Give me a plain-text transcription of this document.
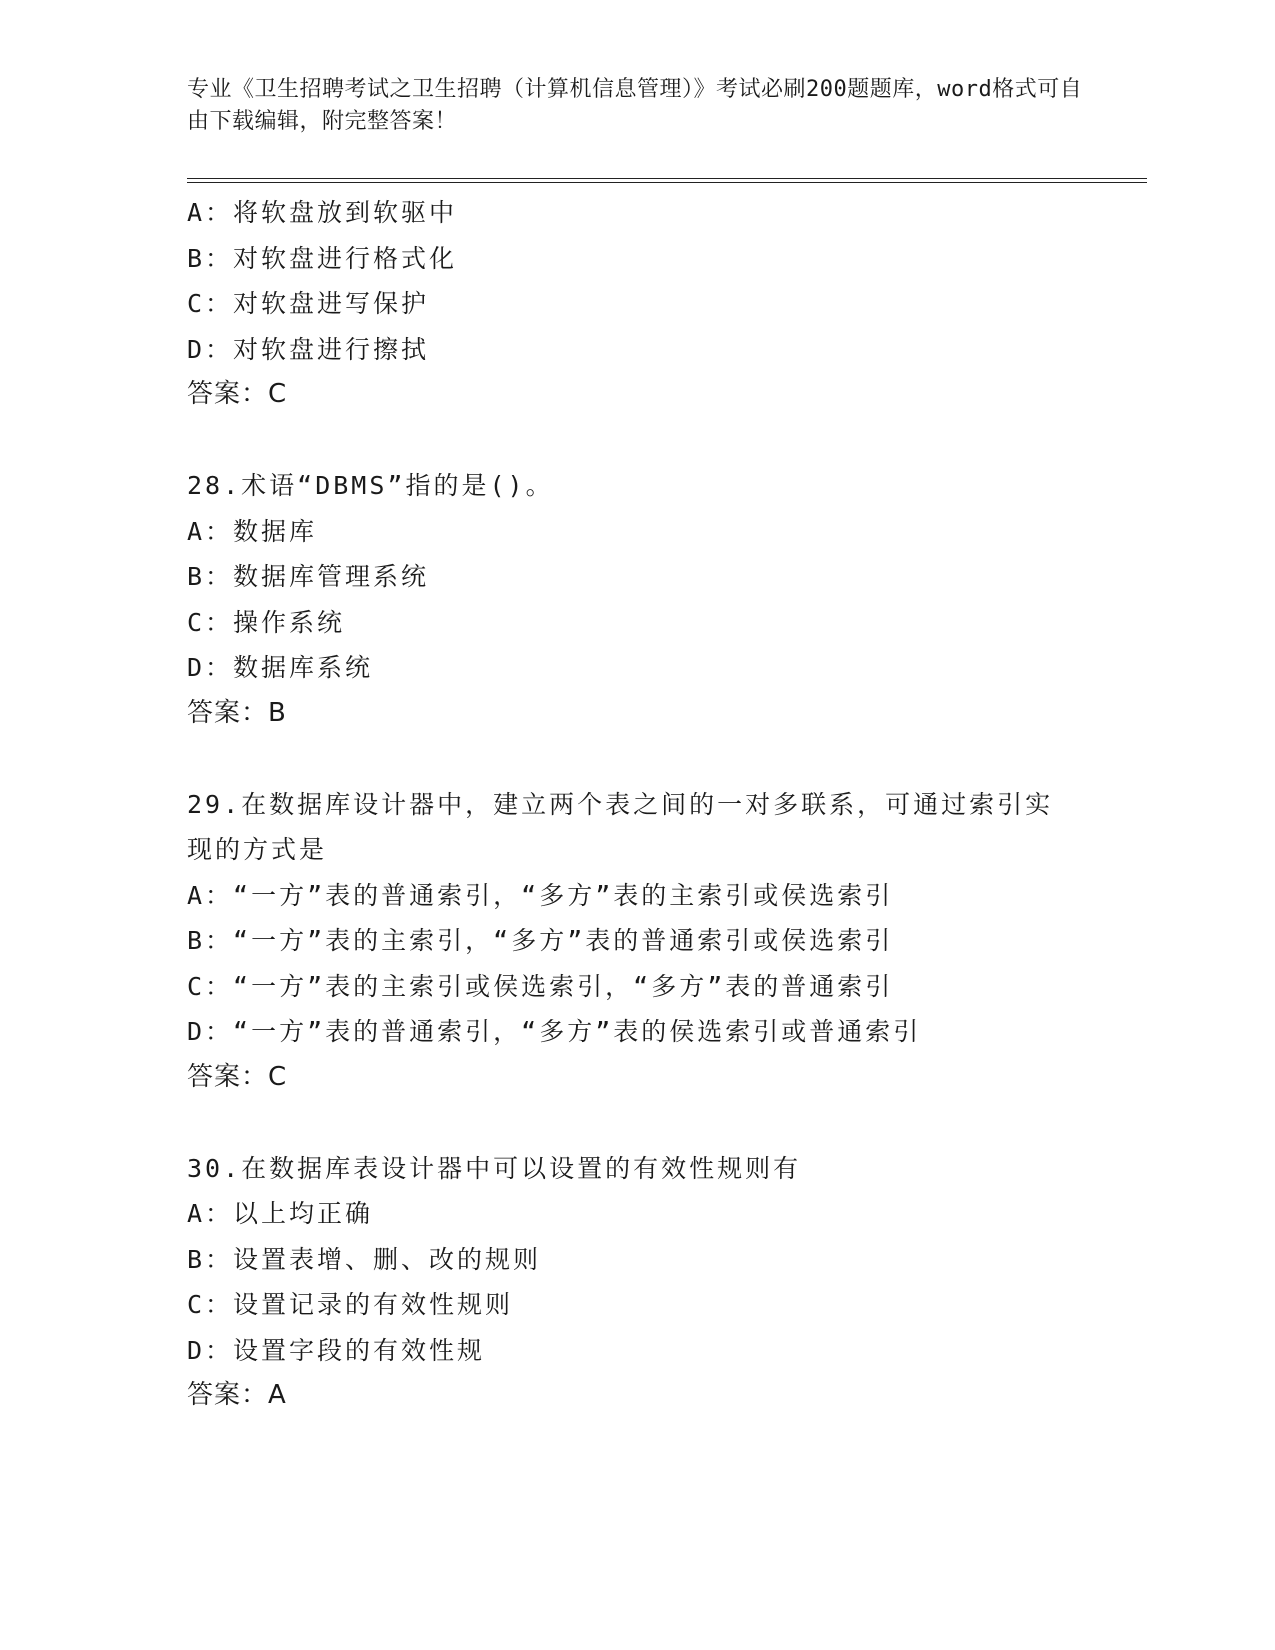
专业《卫生招聘考试之卫生招聘（计算机信息管理）》考试必刷200题题库，word格式可自由下载编辑，附完整答案！
A：将软盘放到软驱中
B：对软盘进行格式化
C：对软盘进写保护
D：对软盘进行擦拭
答案：C
28.术语“DBMS”指的是()。
A：数据库
B：数据库管理系统
C：操作系统
D：数据库系统
答案：B
29.在数据库设计器中，建立两个表之间的一对多联系，可通过索引实现的方式是
A：“一方”表的普通索引，“多方”表的主索引或侯选索引
B：“一方”表的主索引，“多方”表的普通索引或侯选索引
C：“一方”表的主索引或侯选索引，“多方”表的普通索引
D：“一方”表的普通索引，“多方”表的侯选索引或普通索引
答案：C
30.在数据库表设计器中可以设置的有效性规则有
A：以上均正确
B：设置表增、删、改的规则
C：设置记录的有效性规则
D：设置字段的有效性规
答案：A
